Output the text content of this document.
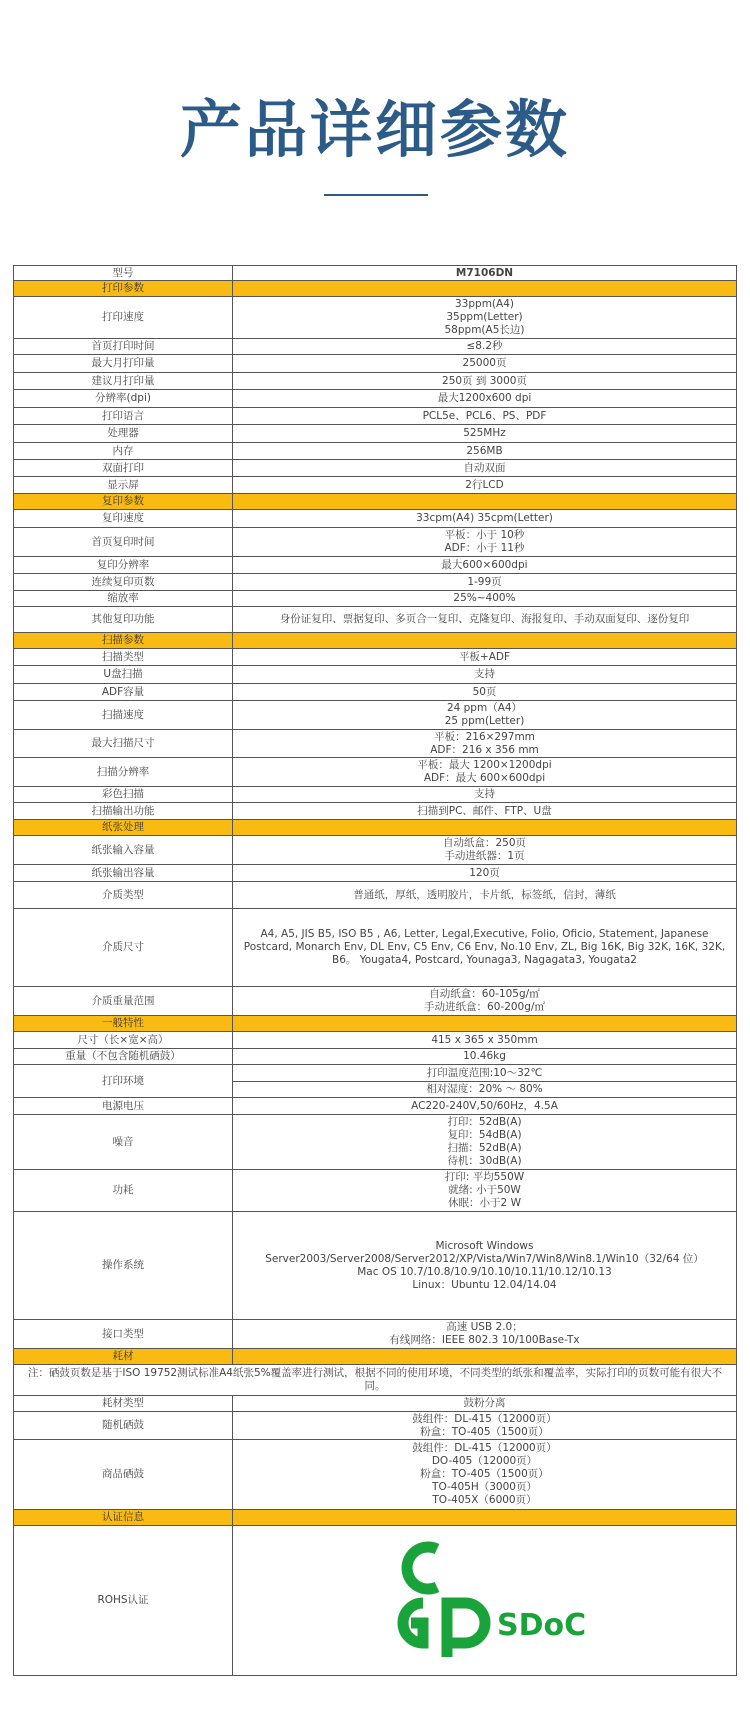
产品详细参数
型号	M7106DN
打印参数	
打印速度	33ppm(A4)
35ppm(Letter)
58ppm(A5长边)

首页打印时间	≤8.2秒

最大月打印量	25000页

建议月打印量	250页 到 3000页

分辨率(dpi)	最大1200x600 dpi

打印语言	PCL5e、PCL6、PS、PDF

处理器	525MHz

内存	256MB

双面打印	自动双面

显示屏	2行LCD

复印参数	
复印速度	33cpm(A4) 35cpm(Letter)

首页复印时间	平板：小于 10秒
ADF：小于 11秒

复印分辨率	最大600×600dpi

连续复印页数	1-99页

缩放率	25%~400%

其他复印功能	身份证复印、票据复印、多页合一复印、克隆复印、海报复印、手动双面复印、逐份复印

扫描参数	
扫描类型	平板+ADF

U盘扫描	支持

ADF容量	50页

扫描速度	24 ppm（A4）
25 ppm(Letter)

最大扫描尺寸	平板：216×297mm
ADF：216 x 356 mm

扫描分辨率	平板：最大 1200×1200dpi
ADF：最大 600×600dpi

彩色扫描	支持

扫描输出功能	扫描到PC、邮件、FTP、U盘

纸张处理	
纸张输入容量	自动纸盒：250页
手动进纸器：1页

纸张输出容量	120页

介质类型	普通纸，厚纸，透明胶片，卡片纸，标签纸，信封，薄纸

介质尺寸	A4, A5, JIS B5, ISO B5 , A6, Letter, Legal,Executive, Folio, Oficio, Statement, Japanese Postcard, Monarch Env, DL Env, C5 Env, C6 Env, No.10 Env, ZL, Big 16K, Big 32K, 16K, 32K, B6。 Yougata4, Postcard, Younaga3, Nagagata3, Yougata2

介质重量范围	自动纸盒：60-105g/㎡
手动进纸盒：60-200g/㎡

一般特性	
尺寸（长×宽×高）	415 x 365 x 350mm

重量（不包含随机硒鼓）	10.46kg

打印环境	打印温度范围:10～32℃

	相对湿度：20% ～ 80%

电源电压	AC220-240V,50/60Hz，4.5A

噪音	打印：52dB(A)
复印：54dB(A)
扫描：52dB(A)
待机：30dB(A)

功耗	打印: 平均550W
就绪: 小于50W
休眠：小于2 W

操作系统	Microsoft Windows
Server2003/Server2008/Server2012/XP/Vista/Win7/Win8/Win8.1/Win10（32/64 位）
Mac OS 10.7/10.8/10.9/10.10/10.11/10.12/10.13
Linux：Ubuntu 12.04/14.04

接口类型	高速 USB 2.0；
有线网络：IEEE 802.3 10/100Base-Tx

耗材	
注：硒鼓页数是基于ISO 19752测试标准A4纸张5%覆盖率进行测试，根据不同的使用环境，不同类型的纸张和覆盖率，实际打印的页数可能有很大不同。	
耗材类型	鼓粉分离

随机硒鼓	鼓组件：DL-415（12000页）
粉盒：TO-405（1500页）

商品硒鼓	鼓组件：DL-415（12000页）
DO-405（12000页）
粉盒：TO-405（1500页）
TO-405H（3000页）
TO-405X（6000页）

认证信息	
ROHS认证	SDoC
